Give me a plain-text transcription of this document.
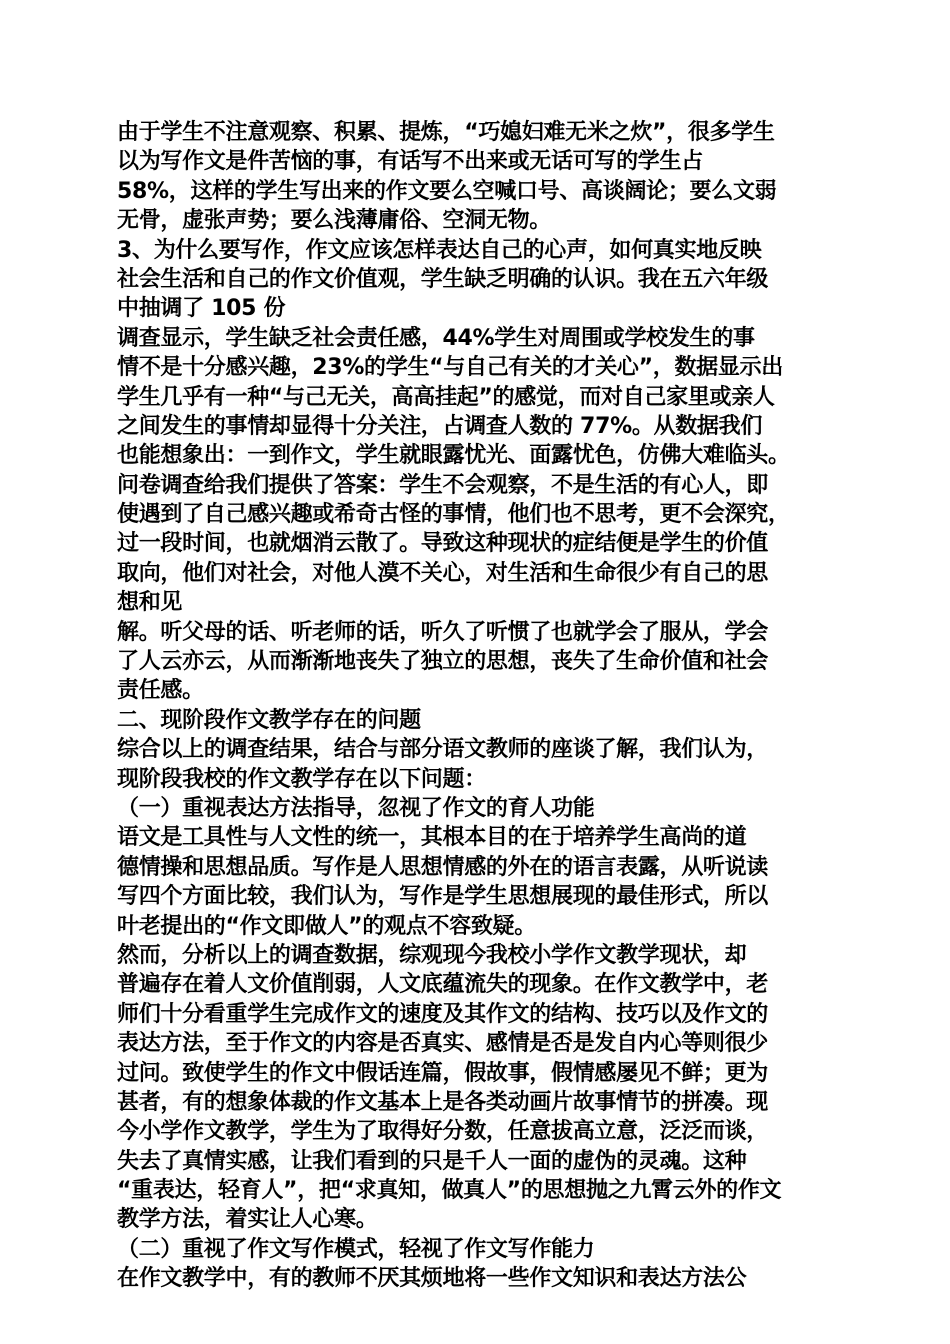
由于学生不注意观察、积累、提炼，“巧媳妇难无米之炊”，很多学生
以为写作文是件苦恼的事，有话写不出来或无话可写的学生占
58%，这样的学生写出来的作文要么空喊口号、高谈阔论；要么文弱
无骨，虚张声势；要么浅薄庸俗、空洞无物。
3、为什么要写作，作文应该怎样表达自己的心声，如何真实地反映
社会生活和自己的作文价值观，学生缺乏明确的认识。我在五六年级
中抽调了 105 份
调查显示，学生缺乏社会责任感，44%学生对周围或学校发生的事
情不是十分感兴趣，23%的学生“与自己有关的才关心”，数据显示出
学生几乎有一种“与己无关，高高挂起”的感觉，而对自己家里或亲人
之间发生的事情却显得十分关注，占调查人数的 77%。从数据我们
也能想象出：一到作文，学生就眼露忧光、面露忧色，仿佛大难临头。
问卷调查给我们提供了答案：学生不会观察，不是生活的有心人，即
使遇到了自己感兴趣或希奇古怪的事情，他们也不思考，更不会深究，
过一段时间，也就烟消云散了。导致这种现状的症结便是学生的价值
取向，他们对社会，对他人漠不关心，对生活和生命很少有自己的思
想和见
解。听父母的话、听老师的话，听久了听惯了也就学会了服从，学会
了人云亦云，从而渐渐地丧失了独立的思想，丧失了生命价值和社会
责任感。
二、现阶段作文教学存在的问题
综合以上的调查结果，结合与部分语文教师的座谈了解，我们认为，
现阶段我校的作文教学存在以下问题：
（一）重视表达方法指导，忽视了作文的育人功能
语文是工具性与人文性的统一，其根本目的在于培养学生高尚的道
德情操和思想品质。写作是人思想情感的外在的语言表露，从听说读
写四个方面比较，我们认为，写作是学生思想展现的最佳形式，所以
叶老提出的“作文即做人”的观点不容致疑。
然而，分析以上的调查数据，综观现今我校小学作文教学现状，却
普遍存在着人文价值削弱，人文底蕴流失的现象。在作文教学中，老
师们十分看重学生完成作文的速度及其作文的结构、技巧以及作文的
表达方法，至于作文的内容是否真实、感情是否是发自内心等则很少
过问。致使学生的作文中假话连篇，假故事，假情感屡见不鲜；更为
甚者，有的想象体裁的作文基本上是各类动画片故事情节的拼凑。现
今小学作文教学，学生为了取得好分数，任意拔高立意，泛泛而谈，
失去了真情实感，让我们看到的只是千人一面的虚伪的灵魂。这种
“重表达，轻育人”，把“求真知，做真人”的思想抛之九霄云外的作文
教学方法，着实让人心寒。
（二）重视了作文写作模式，轻视了作文写作能力
在作文教学中，有的教师不厌其烦地将一些作文知识和表达方法公
